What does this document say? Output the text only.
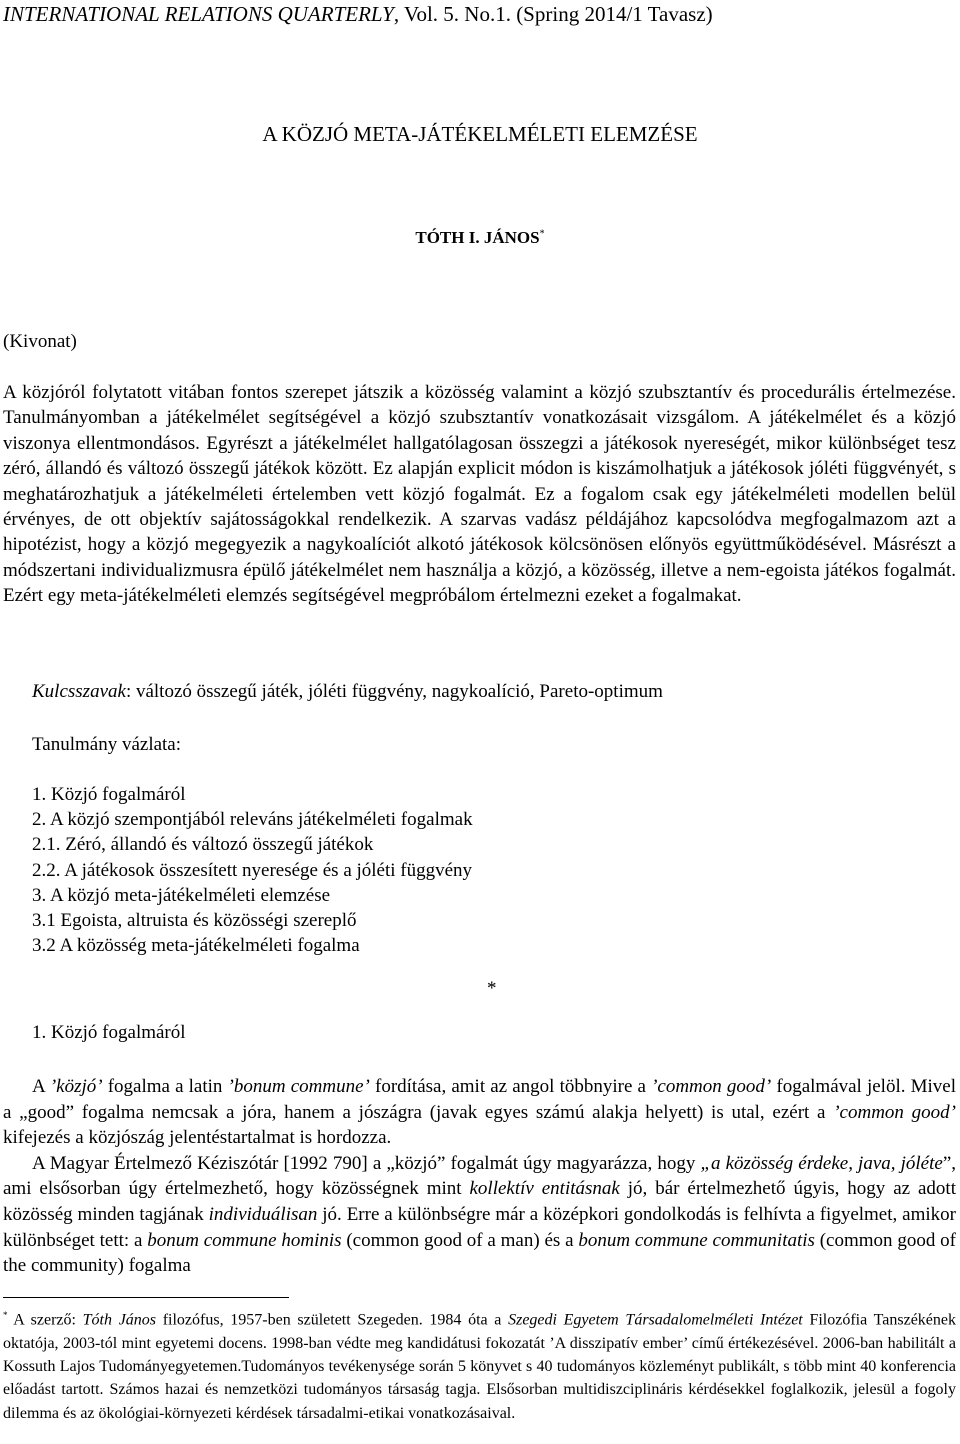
INTERNATIONAL RELATIONS QUARTERLY, Vol. 5. No.1. (Spring 2014/1 Tavasz)
A KÖZJÓ META-JÁTÉKELMÉLETI ELEMZÉSE
TÓTH I. JÁNOS*
(Kivonat)
A közjóról folytatott vitában fontos szerepet játszik a közösség valamint a közjó szubsztantív és procedurális értelmezése. Tanulmányomban a játékelmélet segítségével a közjó szubsztantív vonatkozásait vizsgálom. A játékelmélet és a közjó viszonya ellentmondásos. Egyrészt a játékelmélet hallgatólagosan összegzi a játékosok nyereségét, mikor különbséget tesz zéró, állandó és változó összegű játékok között. Ez alapján explicit módon is kiszámolhatjuk a játékosok jóléti függvényét, s meghatározhatjuk a játékelméleti értelemben vett közjó fogalmát. Ez a fogalom csak egy játékelméleti modellen belül érvényes, de ott objektív sajátosságokkal rendelkezik. A szarvas vadász példájához kapcsolódva megfogalmazom azt a hipotézist, hogy a közjó megegyezik a nagykoalíciót alkotó játékosok kölcsönösen előnyös együttműködésével. Másrészt a módszertani individualizmusra épülő játékelmélet nem használja a közjó, a közösség, illetve a nem-egoista játékos fogalmát. Ezért egy meta-játékelméleti elemzés segítségével megpróbálom értelmezni ezeket a fogalmakat.
Kulcsszavak: változó összegű játék, jóléti függvény, nagykoalíció, Pareto-optimum
Tanulmány vázlata:
1. Közjó fogalmáról
2. A közjó szempontjából releváns játékelméleti fogalmak
2.1. Zéró, állandó és változó összegű játékok
2.2. A játékosok összesített nyeresége és a jóléti függvény
3. A közjó meta-játékelméleti elemzése
3.1 Egoista, altruista és közösségi szereplő
3.2 A közösség meta-játékelméleti fogalma
*
1. Közjó fogalmáról

A ’közjó’ fogalma a latin ’bonum commune’ fordítása, amit az angol többnyire a ’common good’ fogalmával jelöl. Mivel a „good” fogalma nemcsak a jóra, hanem a jószágra (javak egyes számú alakja helyett) is utal, ezért a ’common good’ kifejezés a közjószág jelentéstartalmat is hordozza.

A Magyar Értelmező Kéziszótár [1992 790] a „közjó” fogalmát úgy magyarázza, hogy „a közösség érdeke, java, jóléte”, ami elsősorban úgy értelmezhető, hogy közösségnek mint kollektív entitásnak jó, bár értelmezhető úgyis, hogy az adott közösség minden tagjának individuálisan jó. Erre a különbségre már a középkori gondolkodás is felhívta a figyelmet, amikor különbséget tett: a bonum commune hominis (common good of a man) és a bonum commune communitatis (common good of the community) fogalma

* A szerző: Tóth János filozófus, 1957-ben született Szegeden. 1984 óta a Szegedi Egyetem Társadalomelméleti Intézet Filozófia Tanszékének oktatója, 2003-tól mint egyetemi docens. 1998-ban védte meg kandidátusi fokozatát ’A disszipatív ember’ című értékezésével. 2006-ban habilitált a Kossuth Lajos Tudományegyetemen.Tudományos tevékenysége során 5 könyvet s 40 tudományos közleményt publikált, s több mint 40 konferencia előadást tartott. Számos hazai és nemzetközi tudományos társaság tagja. Elsősorban multidiszciplináris kérdésekkel foglalkozik, jelesül a fogoly dilemma és az ökológiai-környezeti kérdések társadalmi-etikai vonatkozásaival.
